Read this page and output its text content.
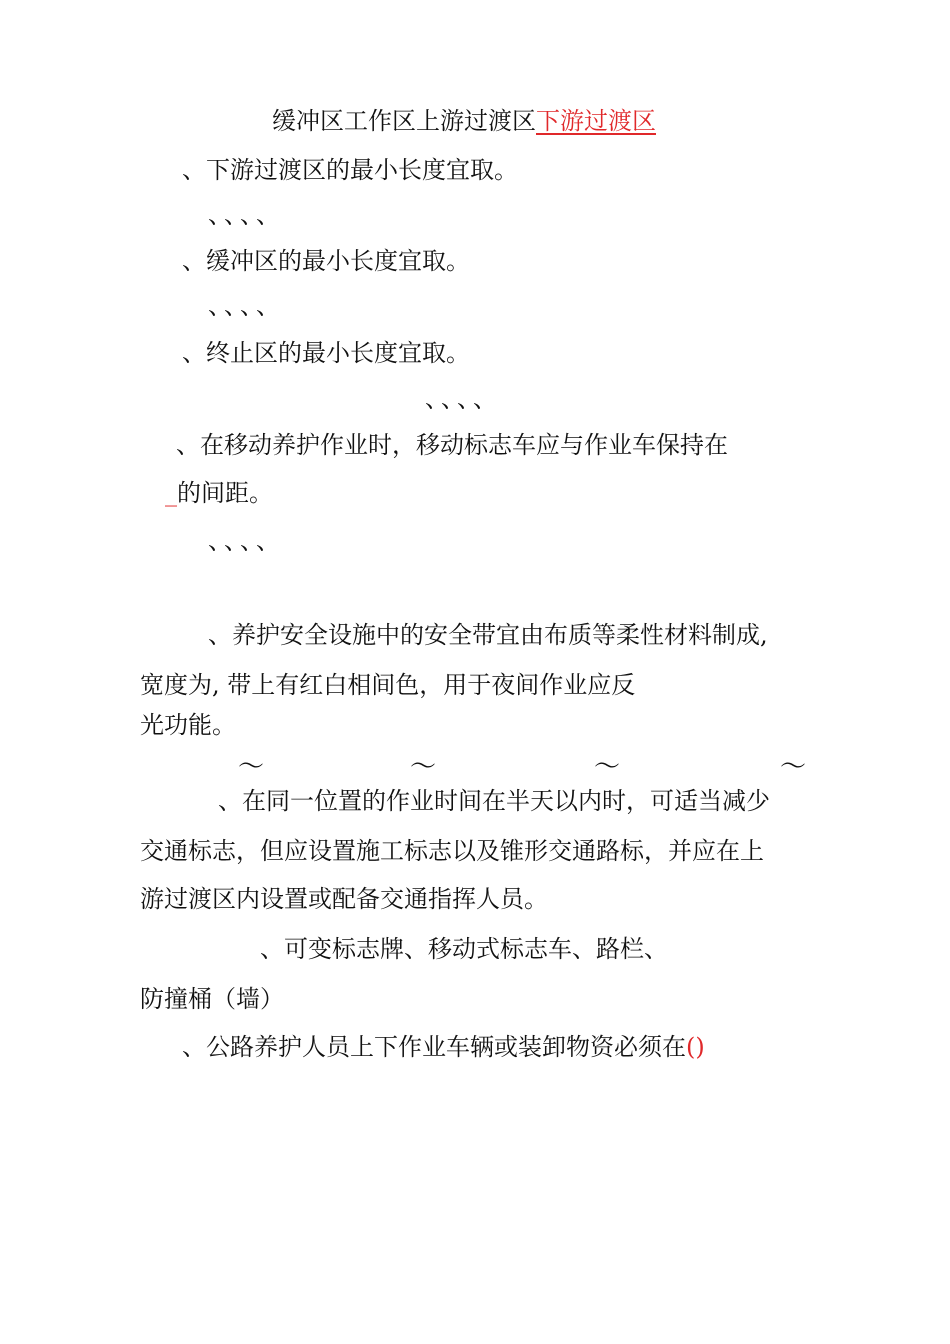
缓冲区工作区上游过渡区下游过渡区
、下游过渡区的最小长度宜取。
、、、、
、缓冲区的最小长度宜取。
、、、、
、终止区的最小长度宜取。
、、、、
、在移动养护作业时，移动标志车应与作业车保持在
_的间距。
、、、、
、养护安全设施中的安全带宜由布质等柔性材料制成,
宽度为, 带上有红白相间色，用于夜间作业应反
光功能。
～	～	～	～
、在同一位置的作业时间在半天以内时，可适当减少
交通标志，但应设置施工标志以及锥形交通路标，并应在上
游过渡区内设置或配备交通指挥人员。
、可变标志牌、移动式标志车、路栏、
防撞桶（墙）
、公路养护人员上下作业车辆或装卸物资必须在()
